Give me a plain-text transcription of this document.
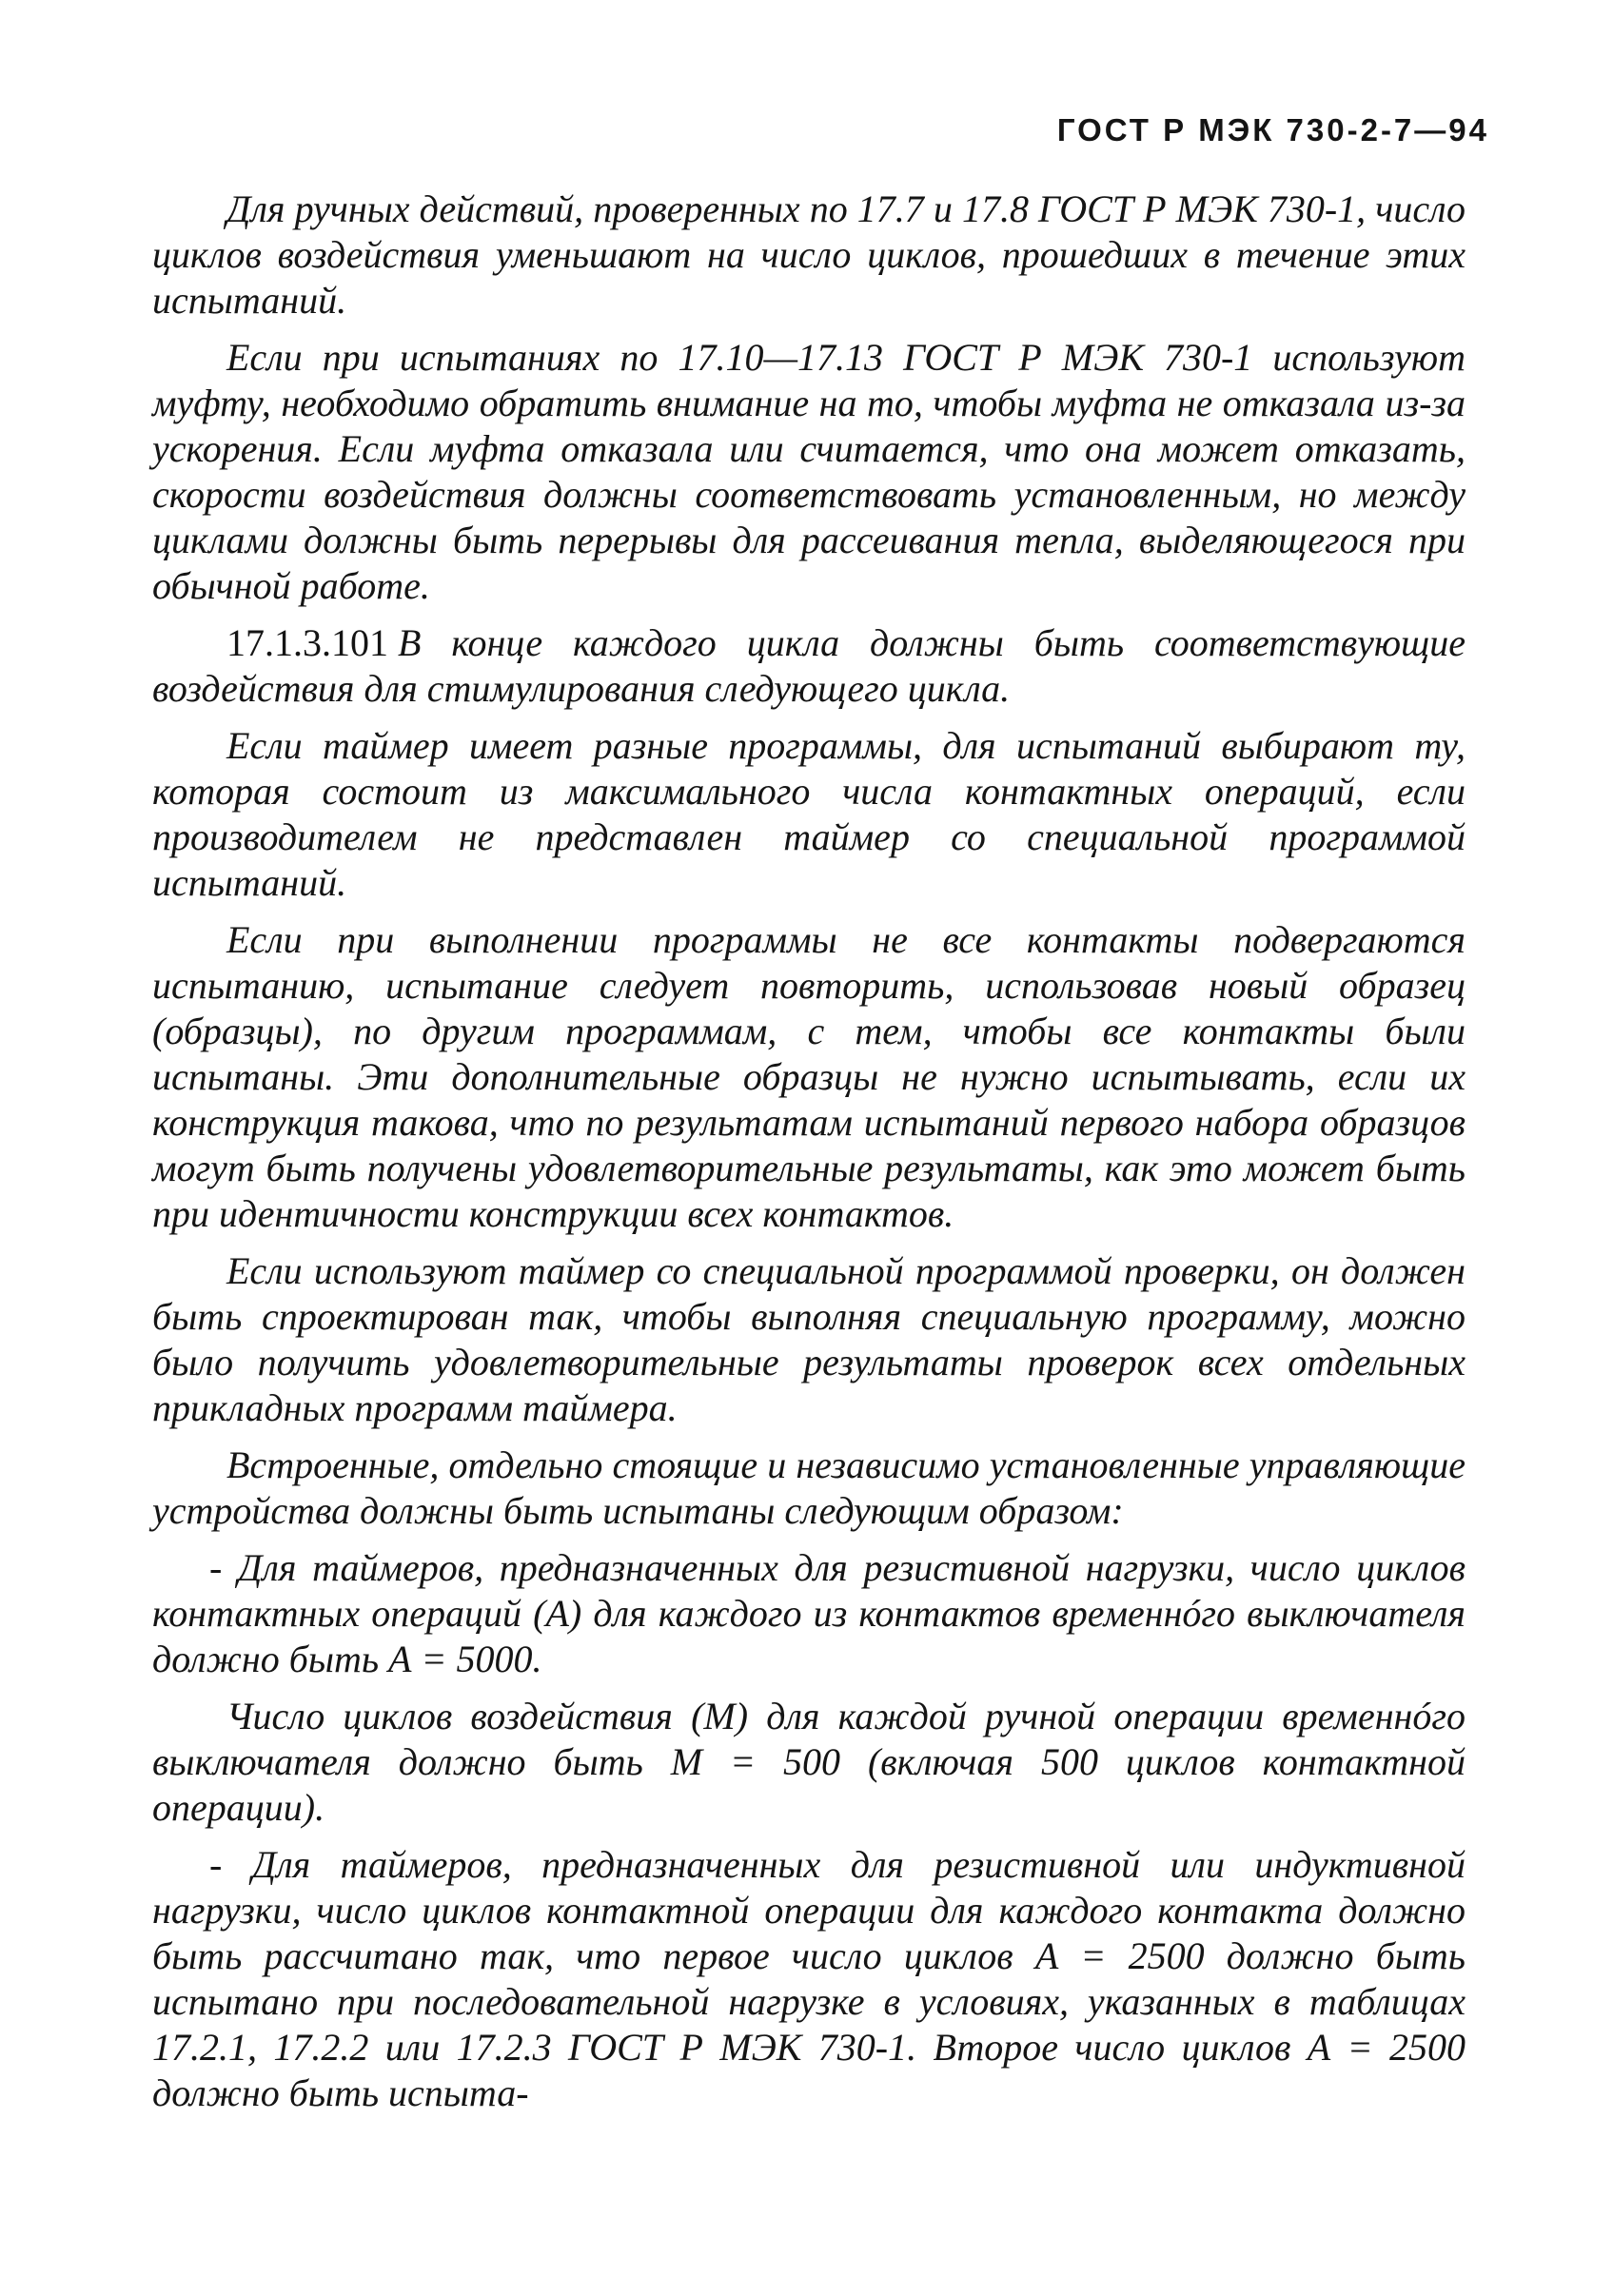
ГОСТ Р МЭК 730-2-7—94

Для ручных действий, проверенных по 17.7 и 17.8 ГОСТ Р МЭК 730-1, число циклов воздействия уменьшают на число циклов, прошедших в течение этих испытаний.

Если при испытаниях по 17.10—17.13 ГОСТ Р МЭК 730-1 используют муфту, необходимо обратить внимание на то, чтобы муфта не отказала из-за ускорения. Если муфта отказала или считается, что она может отказать, скорости воздействия должны соответствовать установленным, но между циклами должны быть перерывы для рассеивания тепла, выделяющегося при обычной работе.

17.1.3.101 В конце каждого цикла должны быть соответствующие воздействия для стимулирования следующего цикла.

Если таймер имеет разные программы, для испытаний выбирают ту, которая состоит из максимального числа контактных операций, если производителем не представлен таймер со специальной программой испытаний.

Если при выполнении программы не все контакты подвергаются испытанию, испытание следует повторить, использовав новый образец (образцы), по другим программам, с тем, чтобы все контакты были испытаны. Эти дополнительные образцы не нужно испытывать, если их конструкция такова, что по результатам испытаний первого набора образцов могут быть получены удовлетворительные результаты, как это может быть при идентичности конструкции всех контактов.

Если используют таймер со специальной программой проверки, он должен быть спроектирован так, чтобы выполняя специальную программу, можно было получить удовлетворительные результаты проверок всех отдельных прикладных программ таймера.

Встроенные, отдельно стоящие и независимо установленные управляющие устройства должны быть испытаны следующим образом:

- Для таймеров, предназначенных для резистивной нагрузки, число циклов контактных операций (А) для каждого из контактов временнóго выключателя должно быть А = 5000.

Число циклов воздействия (М) для каждой ручной операции временнóго выключателя должно быть М = 500 (включая 500 циклов контактной операции).

- Для таймеров, предназначенных для резистивной или индуктивной нагрузки, число циклов контактной операции для каждого контакта должно быть рассчитано так, что первое число циклов А = 2500 должно быть испытано при последовательной нагрузке в условиях, указанных в таблицах 17.2.1, 17.2.2 или 17.2.3 ГОСТ Р МЭК 730-1. Второе число циклов А = 2500 должно быть испыта-
